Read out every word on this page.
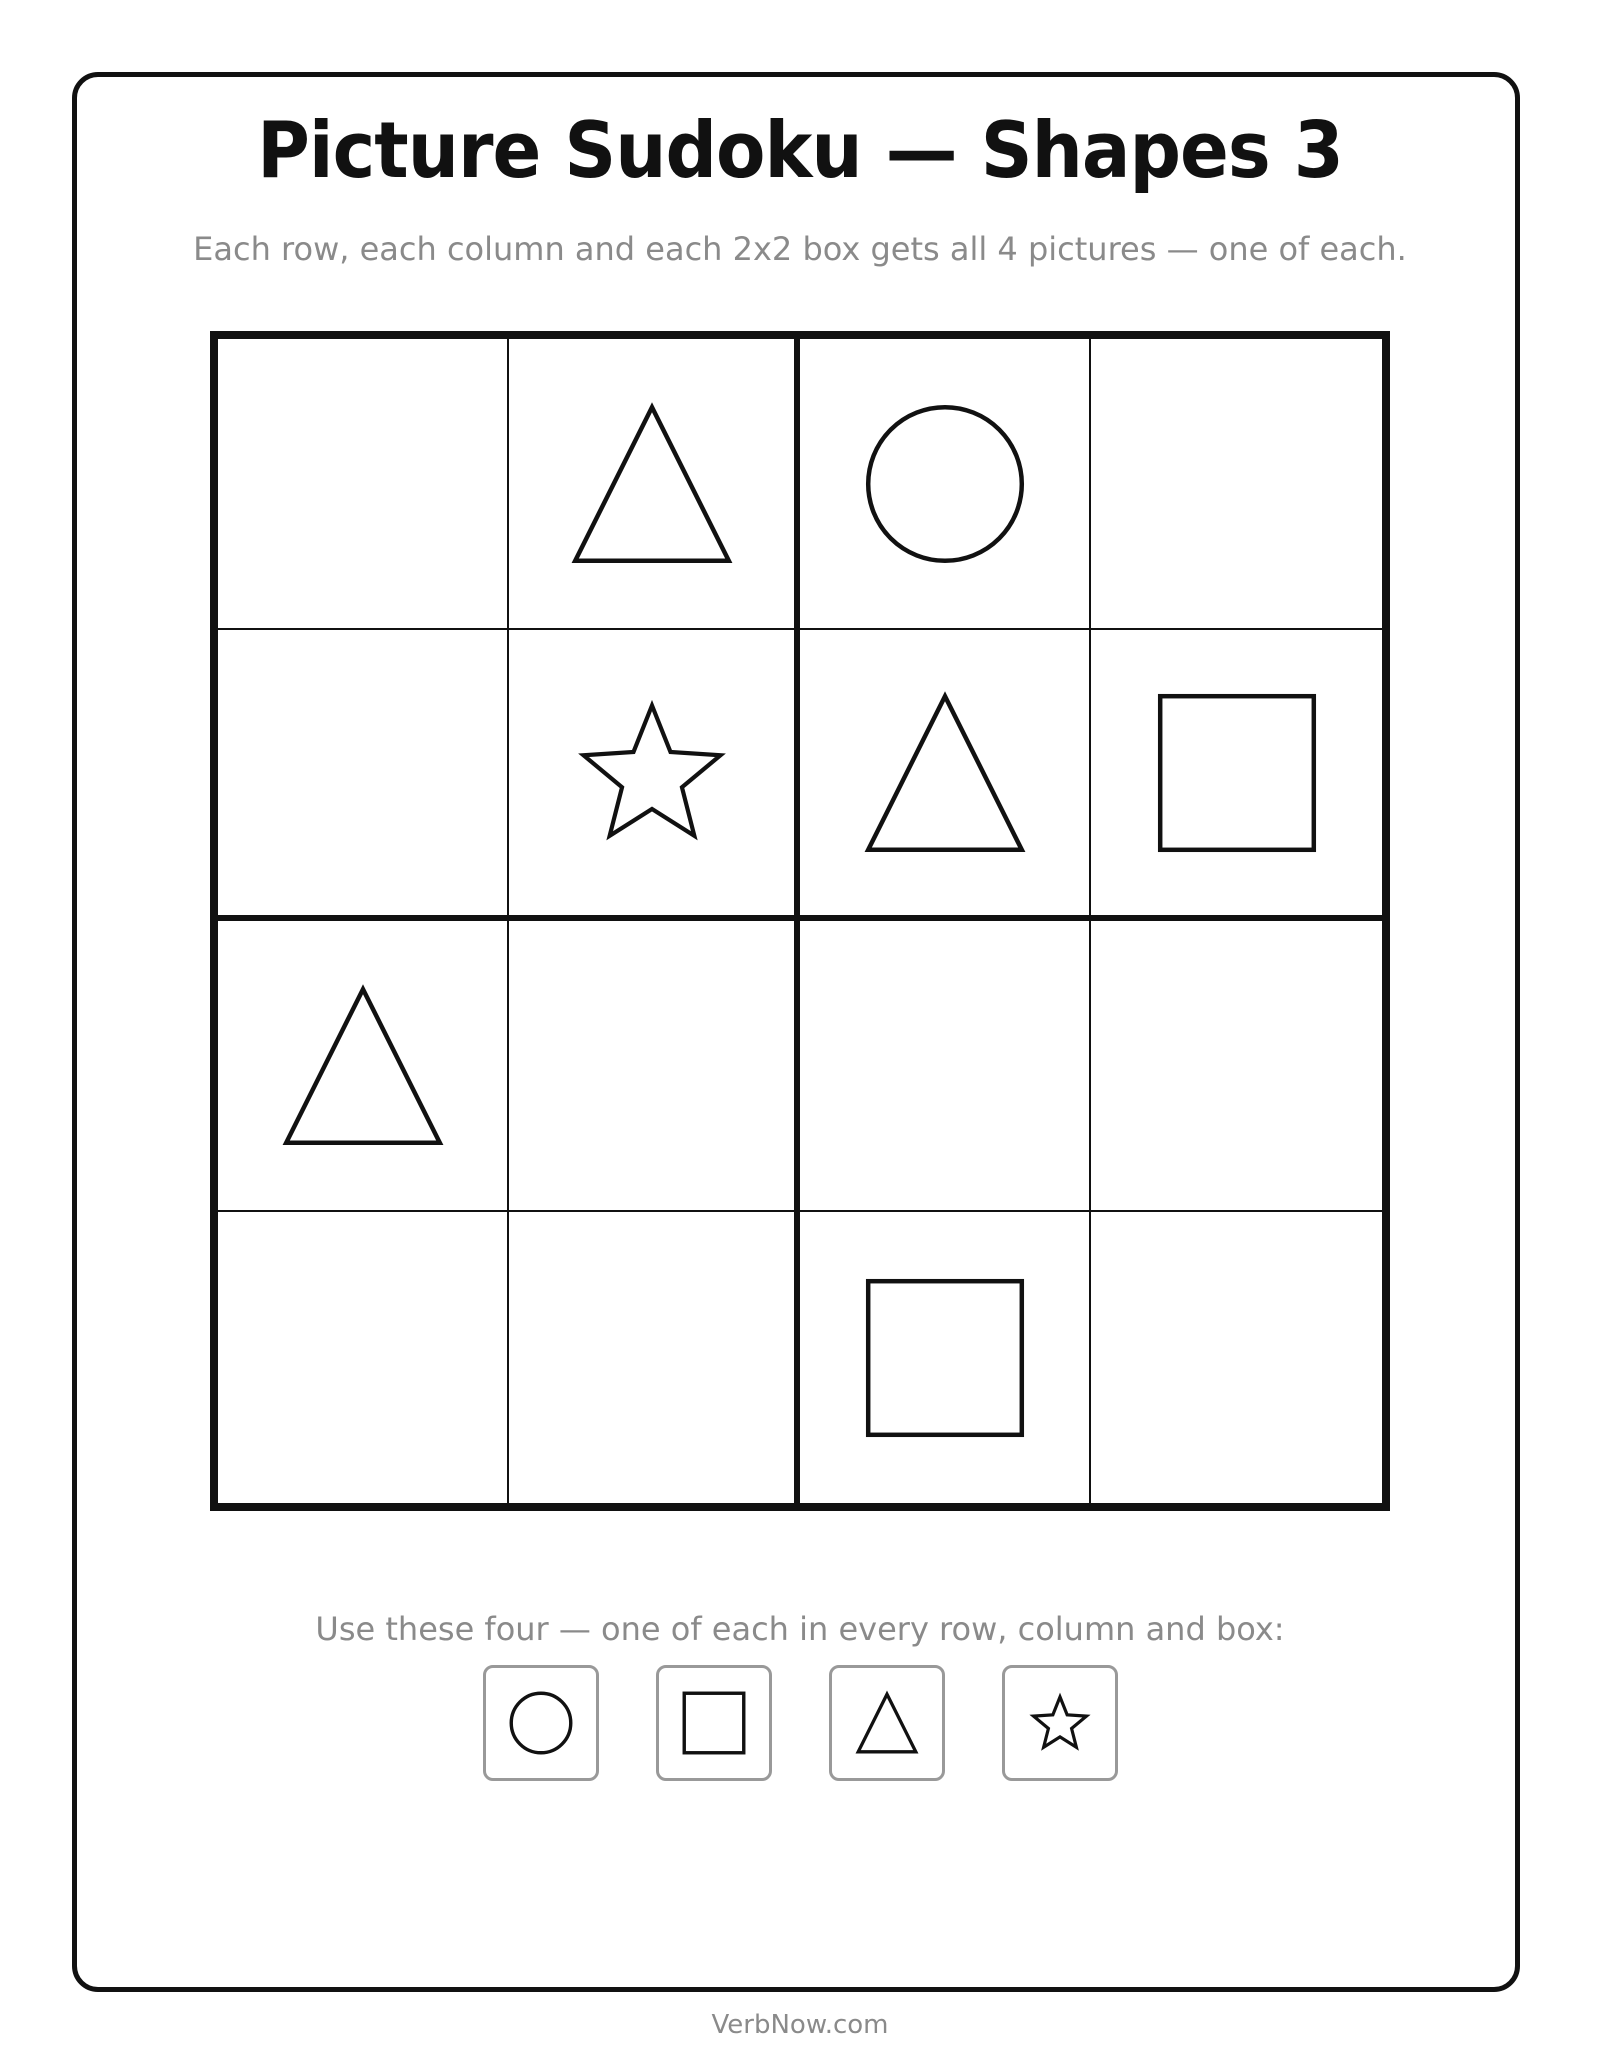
Picture Sudoku — Shapes 3
Each row, each column and each 2x2 box gets all 4 pictures — one of each.
Use these four — one of each in every row, column and box:
VerbNow.com
